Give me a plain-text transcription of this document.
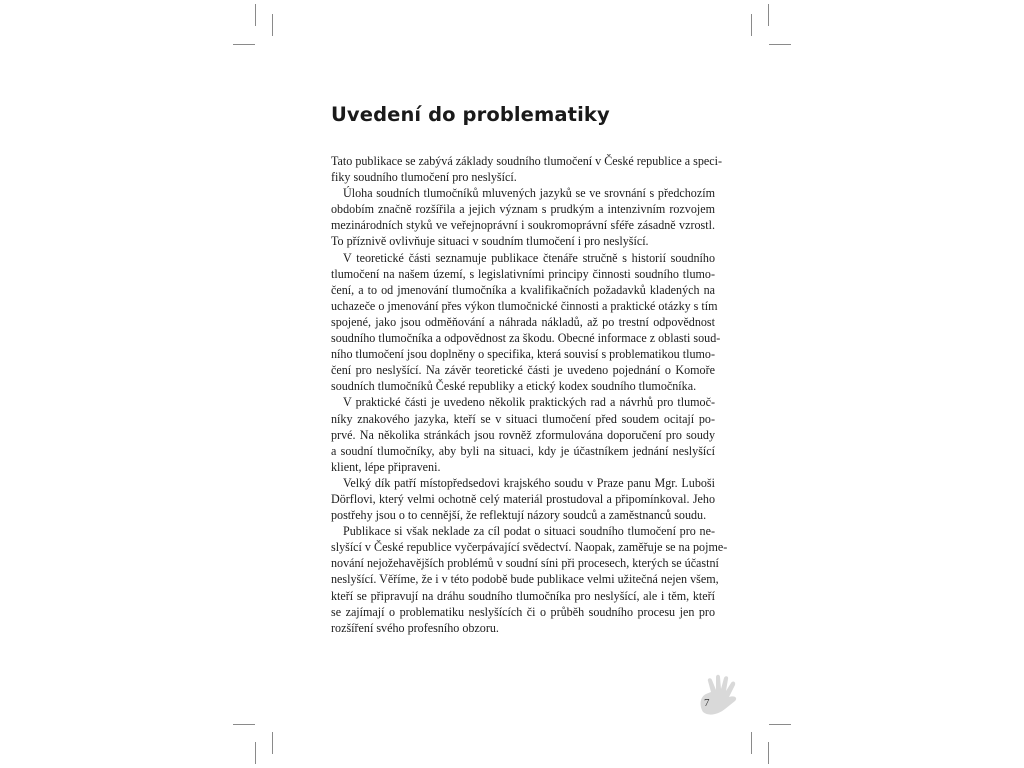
Uvedení do problematiky
Tato publikace se zabývá základy soudního tlumočení v České republice a speci-
fiky soudního tlumočení pro neslyšící.
Úloha soudních tlumočníků mluvených jazyků se ve srovnání s předchozím
obdobím značně rozšířila a jejich význam s prudkým a intenzivním rozvojem
mezinárodních styků ve veřejnoprávní i soukromoprávní sféře zásadně vzrostl.
To příznivě ovlivňuje situaci v soudním tlumočení i pro neslyšící.
V teoretické části seznamuje publikace čtenáře stručně s historií soudního
tlumočení na našem území, s legislativními principy činnosti soudního tlumo-
čení, a to od jmenování tlumočníka a kvalifikačních požadavků kladených na
uchazeče o jmenování přes výkon tlumočnické činnosti a praktické otázky s tím
spojené, jako jsou odměňování a náhrada nákladů, až po trestní odpovědnost
soudního tlumočníka a odpovědnost za škodu. Obecné informace z oblasti soud-
ního tlumočení jsou doplněny o specifika, která souvisí s problematikou tlumo-
čení pro neslyšící. Na závěr teoretické části je uvedeno pojednání o Komoře
soudních tlumočníků České republiky a etický kodex soudního tlumočníka.
V praktické části je uvedeno několik praktických rad a návrhů pro tlumoč-
níky znakového jazyka, kteří se v situaci tlumočení před soudem ocitají po-
prvé. Na několika stránkách jsou rovněž zformulována doporučení pro soudy
a soudní tlumočníky, aby byli na situaci, kdy je účastníkem jednání neslyšící
klient, lépe připraveni.
Velký dík patří místopředsedovi krajského soudu v Praze panu Mgr. Luboši
Dörflovi, který velmi ochotně celý materiál prostudoval a připomínkoval. Jeho
postřehy jsou o to cennější, že reflektují názory soudců a zaměstnanců soudu.
Publikace si však neklade za cíl podat o situaci soudního tlumočení pro ne-
slyšící v České republice vyčerpávající svědectví. Naopak, zaměřuje se na pojme-
nování nejožehavějších problémů v soudní síni při procesech, kterých se účastní
neslyšící. Věříme, že i v této podobě bude publikace velmi užitečná nejen všem,
kteří se připravují na dráhu soudního tlumočníka pro neslyšící, ale i těm, kteří
se zajímají o problematiku neslyšících či o průběh soudního procesu jen pro
rozšíření svého profesního obzoru.
7
